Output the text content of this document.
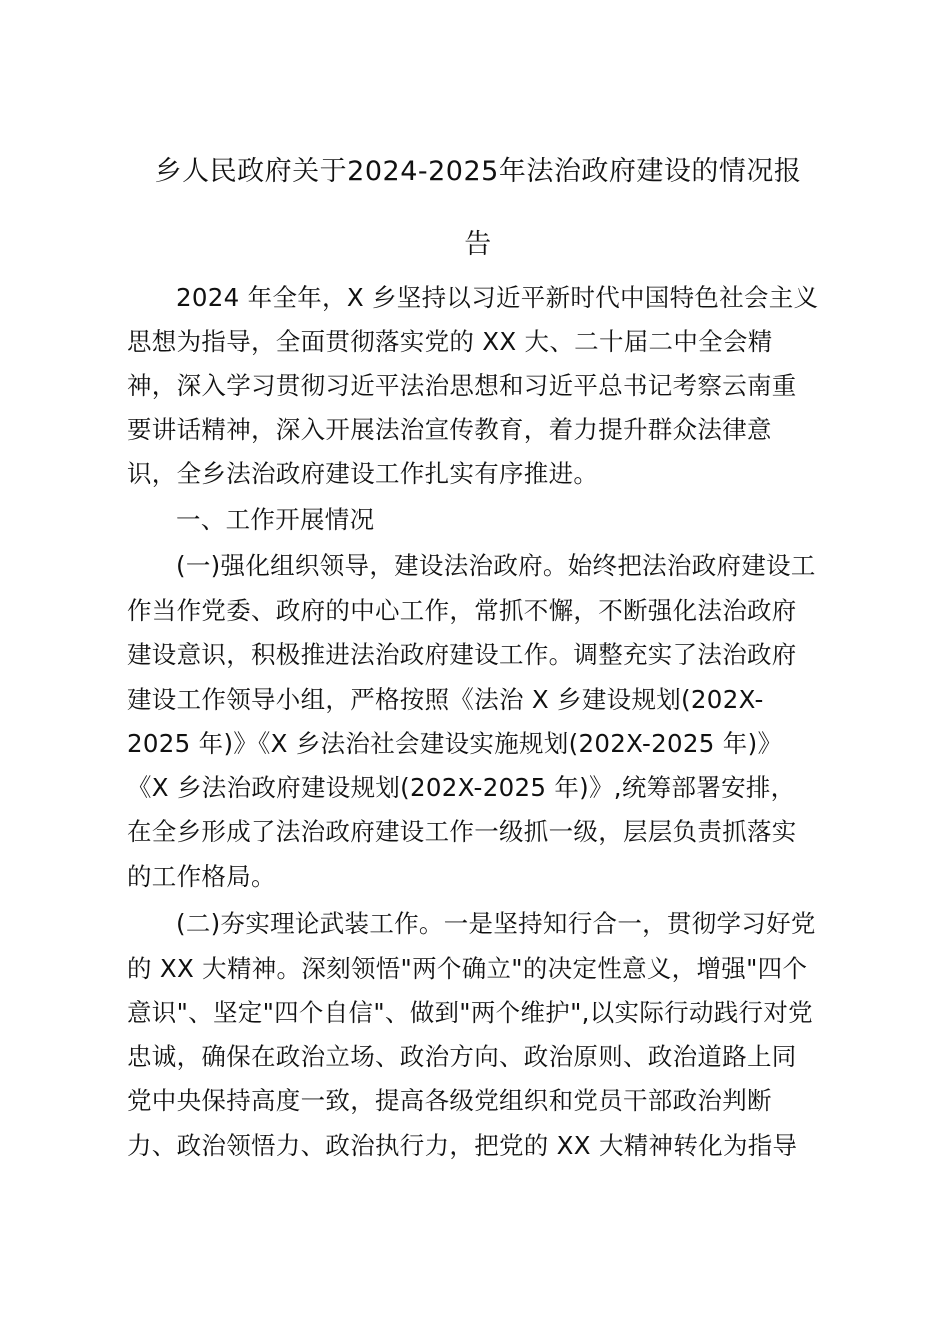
乡人民政府关于2024-2025年法治政府建设的情况报
告

2024 年全年，X 乡坚持以习近平新时代中国特色社会主义

思想为指导，全面贯彻落实党的 XX 大、二十届二中全会精

神，深入学习贯彻习近平法治思想和习近平总书记考察云南重

要讲话精神，深入开展法治宣传教育，着力提升群众法律意

识，全乡法治政府建设工作扎实有序推进。

一、工作开展情况

(一)强化组织领导，建设法治政府。始终把法治政府建设工

作当作党委、政府的中心工作，常抓不懈，不断强化法治政府

建设意识，积极推进法治政府建设工作。调整充实了法治政府

建设工作领导小组，严格按照《法治 X 乡建设规划(202X-

2025 年)》《X 乡法治社会建设实施规划(202X-2025 年)》

《X 乡法治政府建设规划(202X-2025 年)》,统筹部署安排，

在全乡形成了法治政府建设工作一级抓一级，层层负责抓落实

的工作格局。

(二)夯实理论武装工作。一是坚持知行合一，贯彻学习好党

的 XX 大精神。深刻领悟"两个确立"的决定性意义，增强"四个

意识"、坚定"四个自信"、做到"两个维护",以实际行动践行对党

忠诚，确保在政治立场、政治方向、政治原则、政治道路上同

党中央保持高度一致，提高各级党组织和党员干部政治判断

力、政治领悟力、政治执行力，把党的 XX 大精神转化为指导
